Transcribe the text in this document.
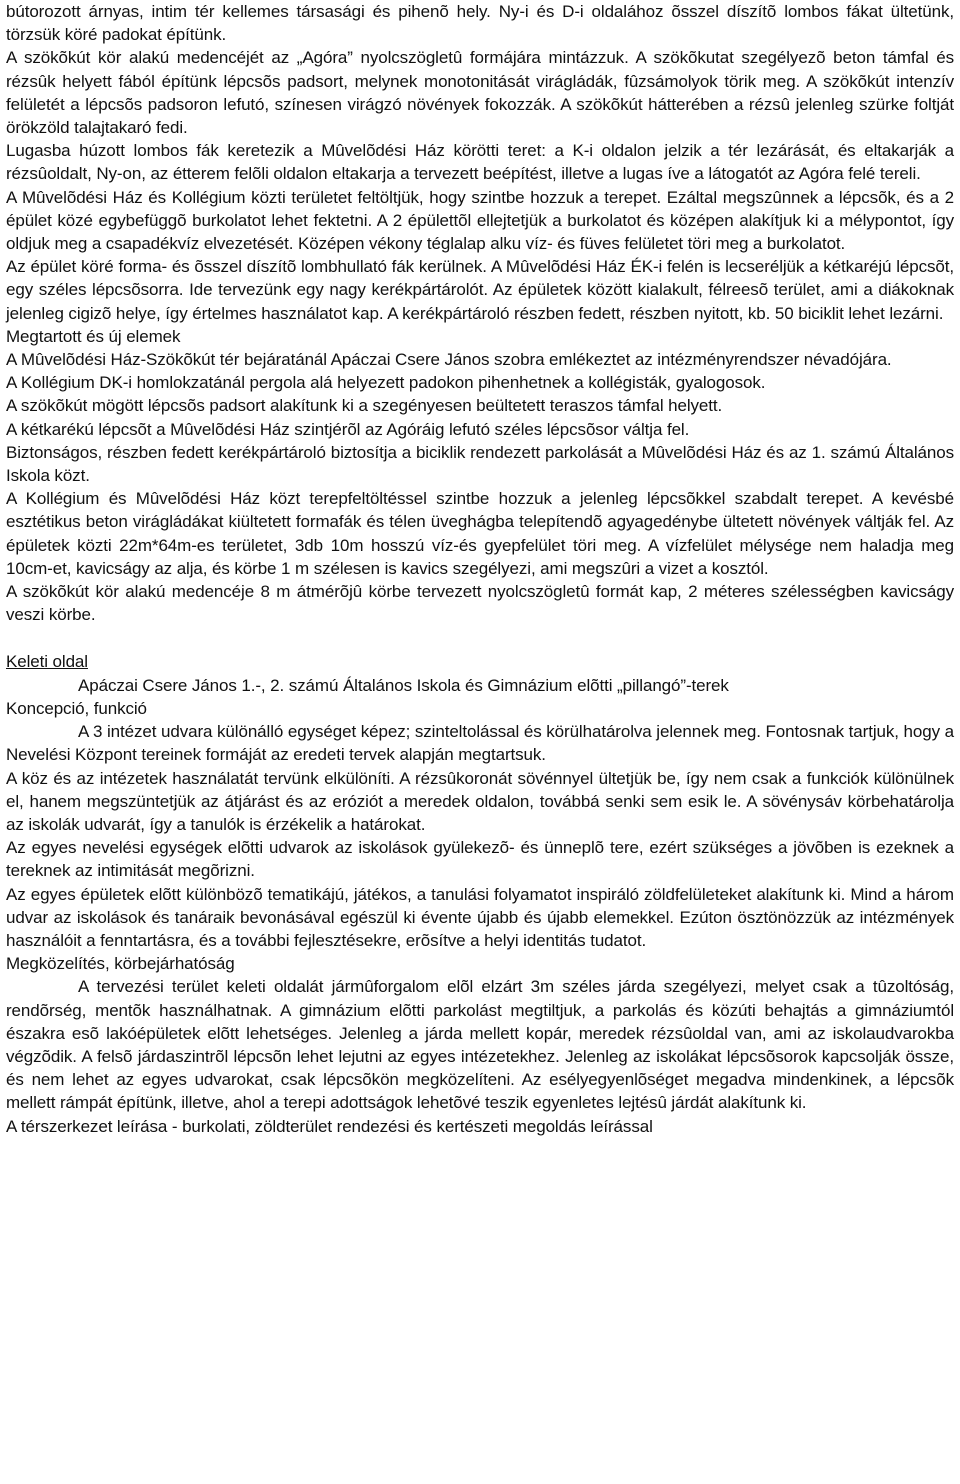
bútorozott árnyas, intim tér kellemes társasági és pihenõ hely. Ny-i és D-i oldalához õsszel díszítõ lombos fákat ültetünk, törzsük köré padokat építünk.

A szökõkút kör alakú medencéjét az „Agóra” nyolcszögletû formájára mintázzuk. A szökõkutat szegélyezõ beton támfal és rézsûk helyett fából építünk lépcsõs padsort, melynek monotonitását virágládák, fûzsámolyok törik meg. A szökõkút intenzív felületét a lépcsõs padsoron lefutó, színesen virágzó növények fokozzák. A szökõkút hátterében a rézsû jelenleg szürke foltját örökzöld talajtakaró fedi.

Lugasba húzott lombos fák keretezik a Mûvelõdési Ház körötti teret: a K-i oldalon jelzik a tér lezárását, és eltakarják a rézsûoldalt, Ny-on, az étterem felõli oldalon eltakarja a tervezett beépítést, illetve a lugas íve a látogatót az Agóra felé tereli.

A Mûvelõdési Ház és Kollégium közti területet feltöltjük, hogy szintbe hozzuk a terepet. Ezáltal megszûnnek a lépcsõk, és a 2 épület közé egybefüggõ burkolatot lehet fektetni. A 2 épülettõl ellejtetjük a burkolatot és középen alakítjuk ki a mélypontot, így oldjuk meg a csapadékvíz elvezetését. Középen vékony téglalap alku víz- és füves felületet töri meg a burkolatot.

Az épület köré forma- és õsszel díszítõ lombhullató fák kerülnek. A Mûvelõdési Ház ÉK-i felén is lecseréljük a kétkaréjú lépcsõt, egy széles lépcsõsorra. Ide tervezünk egy nagy kerékpártárolót. Az épületek között kialakult, félreesõ terület, ami a diákoknak jelenleg cigizõ helye, így értelmes használatot kap. A kerékpártároló részben fedett, részben nyitott, kb. 50 biciklit lehet lezárni.

Megtartott és új elemek

A Mûvelõdési Ház-Szökõkút tér bejáratánál Apáczai Csere János szobra emlékeztet az intézményrendszer névadójára.

A Kollégium DK-i homlokzatánál pergola alá helyezett padokon pihenhetnek a kollégisták, gyalogosok.

A szökõkút mögött lépcsõs padsort alakítunk ki a szegényesen beültetett teraszos támfal helyett.

A kétkarékú lépcsõt a Mûvelõdési Ház szintjérõl az Agóráig lefutó széles lépcsõsor váltja fel.

Biztonságos, részben fedett kerékpártároló biztosítja a biciklik rendezett parkolását a Mûvelõdési Ház és az 1. számú Általános Iskola közt.

A Kollégium és Mûvelõdési Ház közt terepfeltöltéssel szintbe hozzuk a jelenleg lépcsõkkel szabdalt terepet. A kevésbé esztétikus beton virágládákat kiültetett formafák és télen üveghágba telepítendõ agyagedénybe ültetett növények váltják fel. Az épületek közti 22m*64m-es területet, 3db 10m hosszú víz-és gyepfelület töri meg. A vízfelület mélysége nem haladja meg 10cm-et, kavicságy az alja, és körbe 1 m szélesen is kavics szegélyezi, ami megszûri a vizet a kosztól.

A szökõkút kör alakú medencéje 8 m átmérõjû körbe tervezett nyolcszögletû formát kap, 2 méteres szélességben kavicságy veszi körbe.

Keleti oldal

Apáczai Csere János 1.-, 2. számú Általános Iskola és Gimnázium elõtti „pillangó”-terek

Koncepció, funkció

A 3 intézet udvara különálló egységet képez; szinteltolással és körülhatárolva jelennek meg. Fontosnak tartjuk, hogy a Nevelési Központ tereinek formáját az eredeti tervek alapján megtartsuk.

A köz és az intézetek használatát tervünk elkülöníti. A rézsûkoronát sövénnyel ültetjük be, így nem csak a funkciók különülnek el, hanem megszüntetjük az átjárást és az eróziót a meredek oldalon, továbbá senki sem esik le. A sövénysáv körbehatárolja az iskolák udvarát, így a tanulók is érzékelik a határokat.

Az egyes nevelési egységek elõtti udvarok az iskolások gyülekezõ- és ünneplõ tere, ezért szükséges a jövõben is ezeknek a tereknek az intimitását megõrizni.

Az egyes épületek elõtt különbözõ tematikájú, játékos, a tanulási folyamatot inspiráló zöldfelületeket alakítunk ki. Mind a három udvar az iskolások és tanáraik bevonásával egészül ki évente újabb és újabb elemekkel. Ezúton ösztönözzük az intézmények használóit a fenntartásra, és a további fejlesztésekre, erõsítve a helyi identitás tudatot.

Megközelítés, körbejárhatóság

A tervezési terület keleti oldalát jármûforgalom elõl elzárt 3m széles járda szegélyezi, melyet csak a tûzoltóság, rendõrség, mentõk használhatnak. A gimnázium elõtti parkolást megtiltjuk, a parkolás és közúti behajtás a gimnáziumtól északra esõ lakóépületek elõtt lehetséges. Jelenleg a járda mellett kopár, meredek rézsûoldal van, ami az iskolaudvarokba végzõdik. A felsõ járdaszintrõl lépcsõn lehet lejutni az egyes intézetekhez. Jelenleg az iskolákat lépcsõsorok kapcsolják össze, és nem lehet az egyes udvarokat, csak lépcsõkön megközelíteni. Az esélyegyenlõséget megadva mindenkinek, a lépcsõk mellett rámpát építünk, illetve, ahol a terepi adottságok lehetõvé teszik egyenletes lejtésû járdát alakítunk ki.

A térszerkezet leírása - burkolati, zöldterület rendezési és kertészeti megoldás leírással
